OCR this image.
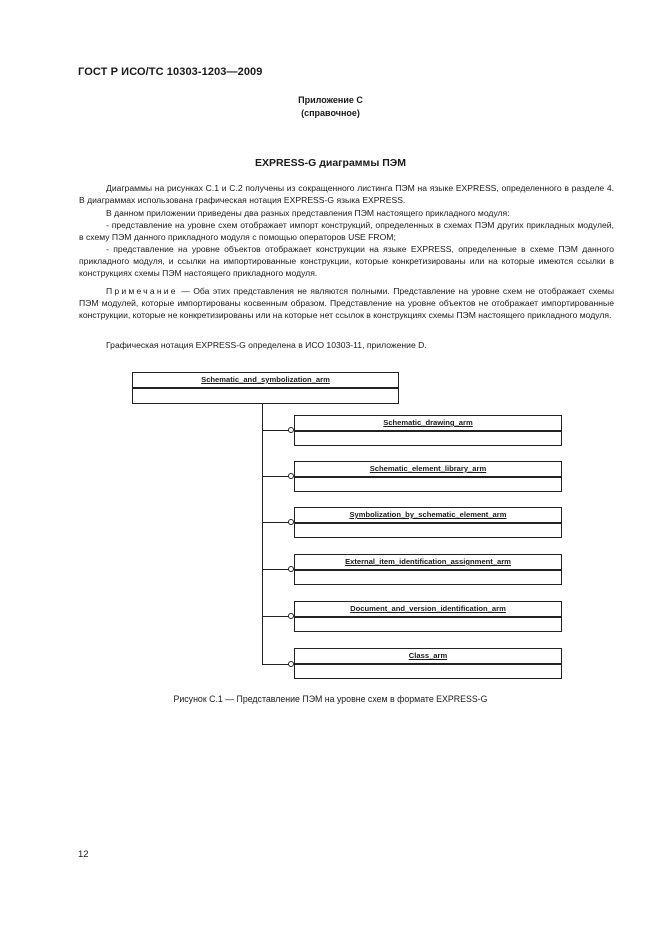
ГОСТ Р ИСО/ТС 10303-1203—2009
Приложение С
(справочное)
EXPRESS-G диаграммы ПЭМ
Диаграммы на рисунках С.1 и С.2 получены из сокращенного листинга ПЭМ на языке EXPRESS, определенного в разделе 4. В диаграммах использована графическая нотация EXPRESS-G языка EXPRESS.
В данном приложении приведены два разных представления ПЭМ настоящего прикладного модуля:
- представление на уровне схем отображает импорт конструкций, определенных в схемах ПЭМ других прикладных модулей, в схему ПЭМ данного прикладного модуля с помощью операторов USE FROM;
- представление на уровне объектов отображает конструкции на языке EXPRESS, определенные в схеме ПЭМ данного прикладного модуля, и ссылки на импортированные конструкции, которые конкретизированы или на которые имеются ссылки в конструкциях схемы ПЭМ настоящего прикладного модуля.
Примечание — Оба этих представления не являются полными. Представление на уровне схем не отображает схемы ПЭМ модулей, которые импортированы косвенным образом. Представление на уровне объектов не отображает импортированные конструкции, которые не конкретизированы или на которые нет ссылок в конструкциях схемы ПЭМ настоящего прикладного модуля.
Графическая нотация EXPRESS-G определена в ИСО 10303-11, приложение D.
Schematic_and_symbolization_arm
Schematic_drawing_arm
Schematic_element_library_arm
Symbolization_by_schematic_element_arm
External_item_identification_assignment_arm
Document_and_version_identification_arm
Class_arm
Рисунок С.1 — Представление ПЭМ на уровне схем в формате EXPRESS-G
12
